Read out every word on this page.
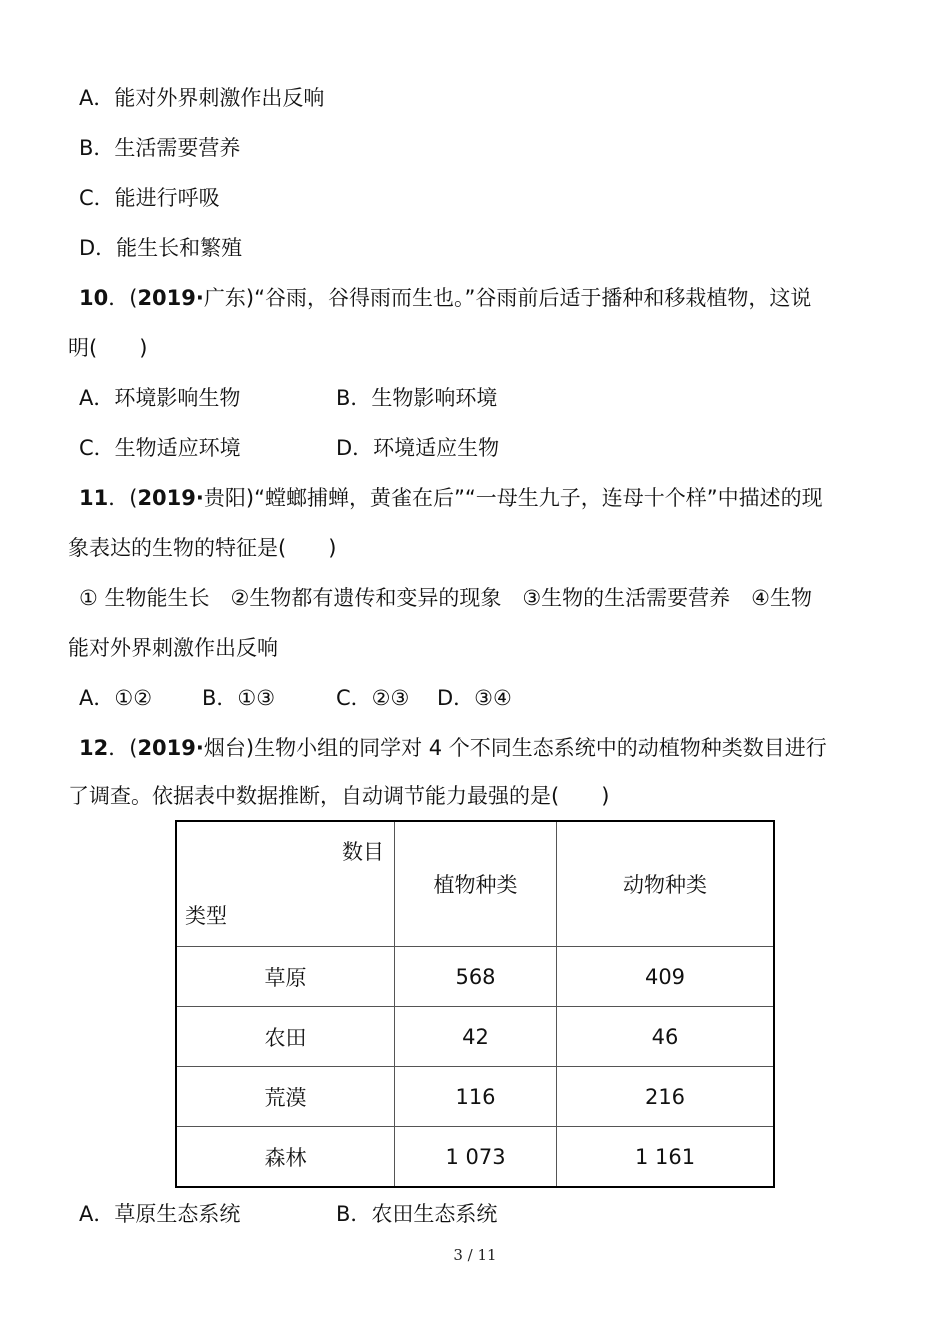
A．能对外界刺激作出反响
B．生活需要营养
C．能进行呼吸
D．能生长和繁殖
10．(2019·广东)“谷雨，谷得雨而生也。”谷雨前后适于播种和移栽植物，这说
明(　　)
A．环境影响生物	B．生物影响环境
C．生物适应环境	D．环境适应生物
11．(2019·贵阳)“螳螂捕蝉，黄雀在后”“一母生九子，连母十个样”中描述的现
象表达的生物的特征是(　　)
① 生物能生长　②生物都有遗传和变异的现象　③生物的生活需要营养　④生物
能对外界刺激作出反响
A．①② B．①③	C．②③ D．③④
12．(2019·烟台)生物小组的同学对 4 个不同生态系统中的动植物种类数目进行
了调查。依据表中数据推断，自动调节能力最强的是(　　)
数目
类型	植物种类	动物种类
草原	568	409
农田	42	46
荒漠	116	216
森林	1 073	1 161
A．草原生态系统	B．农田生态系统
3 / 11
